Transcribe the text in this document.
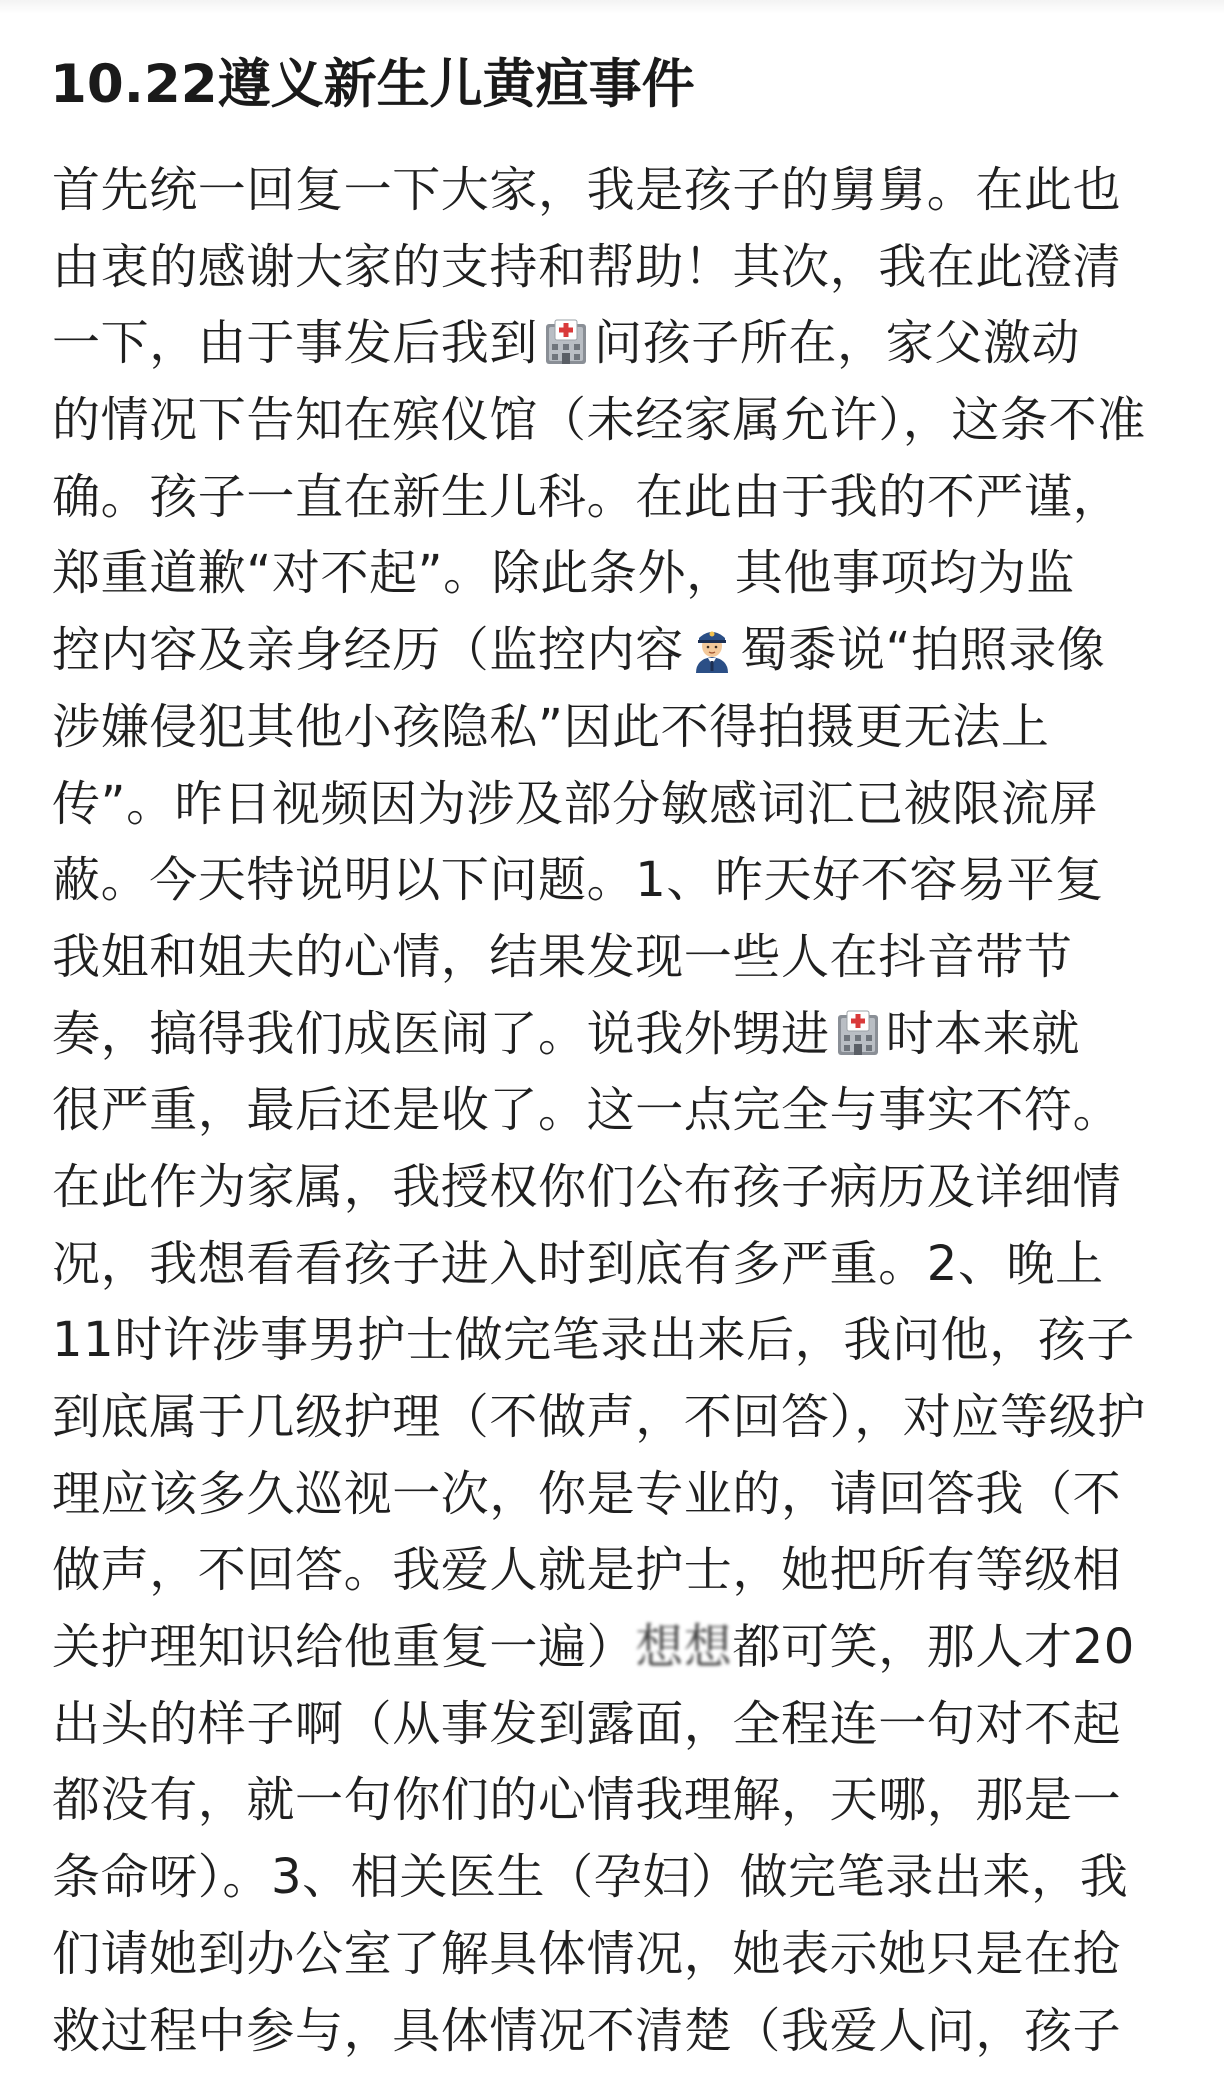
10.22遵义新生儿黄疸事件
首先统一回复一下大家，我是孩子的舅舅。在此也
由衷的感谢大家的支持和帮助！其次，我在此澄清
一下，由于事发后我到 问孩子所在，家父激动
的情况下告知在殡仪馆（未经家属允许），这条不准
确。孩子一直在新生儿科。在此由于我的不严谨，
郑重道歉“对不起”。除此条外，其他事项均为监
控内容及亲身经历（监控内容 蜀黍说“拍照录像
涉嫌侵犯其他小孩隐私”因此不得拍摄更无法上
传”。昨日视频因为涉及部分敏感词汇已被限流屏
蔽。今天特说明以下问题。1、昨天好不容易平复
我姐和姐夫的心情，结果发现一些人在抖音带节
奏，搞得我们成医闹了。说我外甥进 时本来就
很严重，最后还是收了。这一点完全与事实不符。
在此作为家属，我授权你们公布孩子病历及详细情
况，我想看看孩子进入时到底有多严重。2、晚上
11时许涉事男护士做完笔录出来后，我问他，孩子
到底属于几级护理（不做声，不回答），对应等级护
理应该多久巡视一次，你是专业的，请回答我（不
做声，不回答。我爱人就是护士，她把所有等级相
关护理知识给他重复一遍）想想都可笑，那人才20
出头的样子啊（从事发到露面，全程连一句对不起
都没有，就一句你们的心情我理解，天哪，那是一
条命呀）。3、相关医生（孕妇）做完笔录出来，我
们请她到办公室了解具体情况，她表示她只是在抢
救过程中参与，具体情况不清楚（我爱人问，孩子
